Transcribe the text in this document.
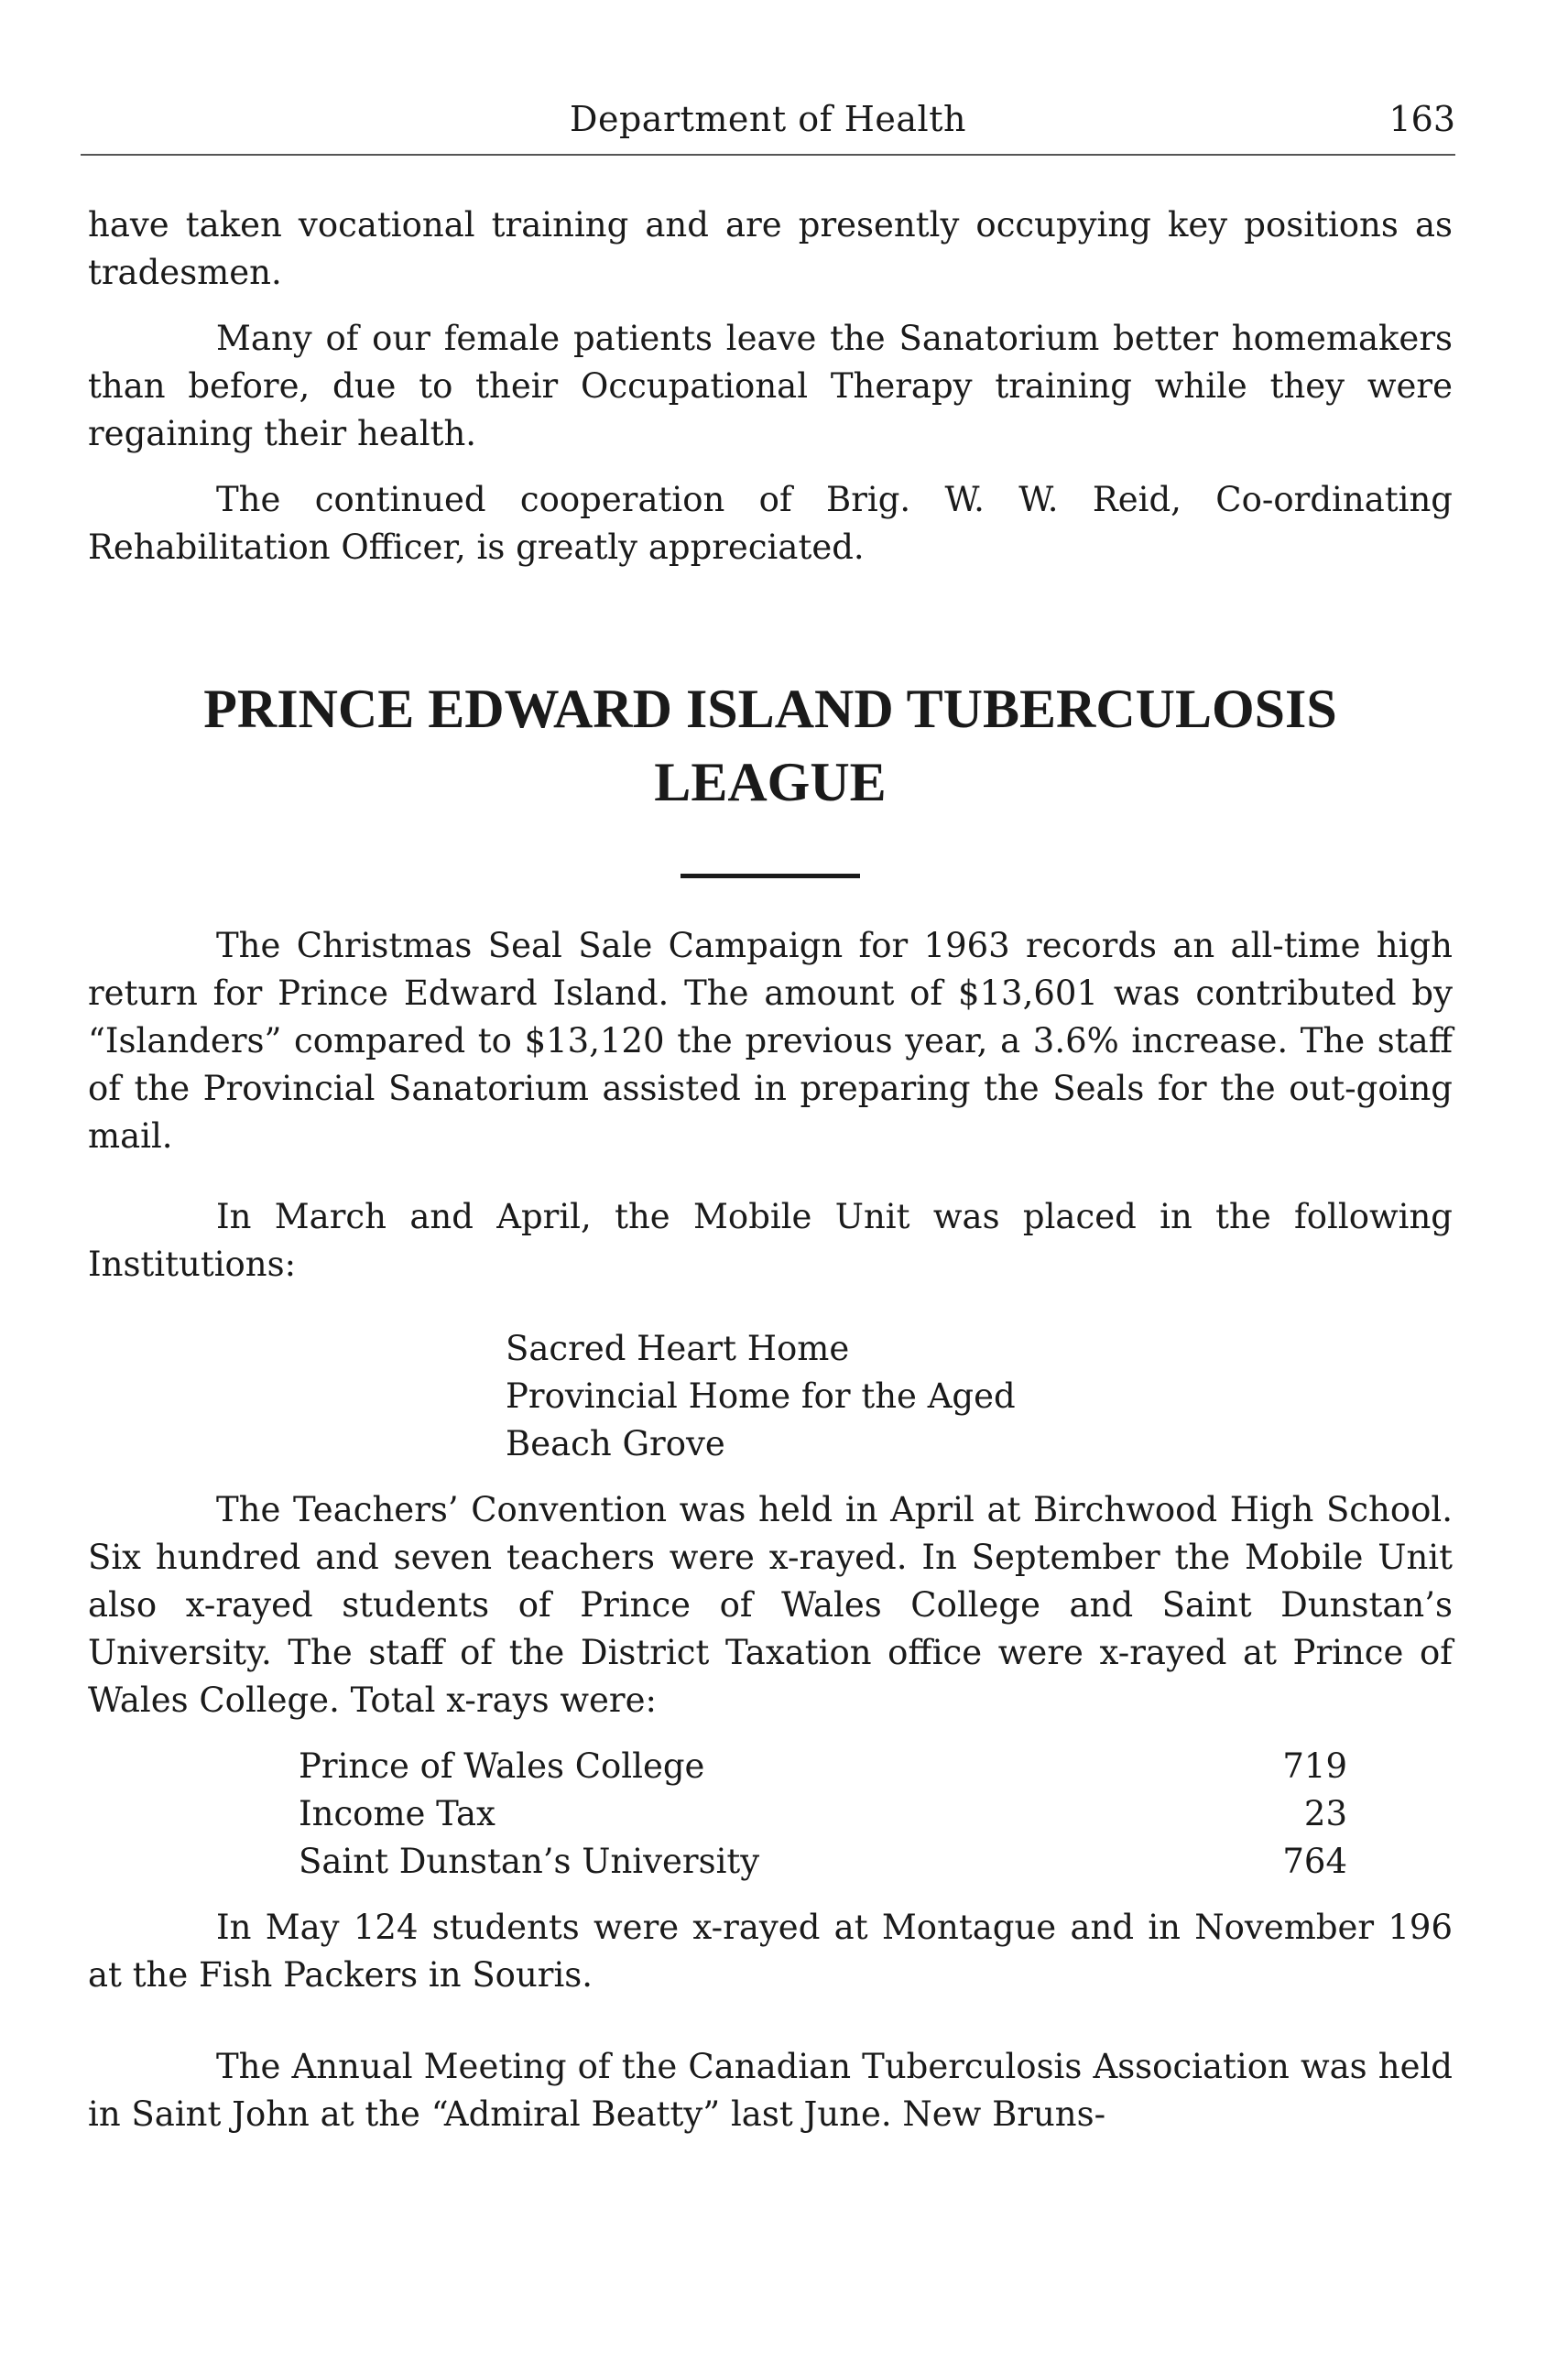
Department of Health	163

have taken vocational training and are presently occupying key positions as tradesmen.

Many of our female patients leave the Sanatorium better homemakers than before, due to their Occupational Therapy training while they were regaining their health.

The continued cooperation of Brig. W. W. Reid, Co-ordinating Rehabilitation Officer, is greatly appreciated.

PRINCE EDWARD ISLAND TUBERCULOSIS
LEAGUE

The Christmas Seal Sale Campaign for 1963 records an all-time high return for Prince Edward Island. The amount of $13,601 was contributed by “Islanders” compared to $13,120 the previous year, a 3.6% increase. The staff of the Provincial Sanatorium assisted in preparing the Seals for the out-going mail.

In March and April, the Mobile Unit was placed in the following Institutions:

Sacred Heart Home
Provincial Home for the Aged
Beach Grove

The Teachers’ Convention was held in April at Birchwood High School. Six hundred and seven teachers were x-rayed. In September the Mobile Unit also x-rayed students of Prince of Wales College and Saint Dunstan’s University. The staff of the District Taxation office were x-rayed at Prince of Wales College. Total x-rays were:

Prince of Wales College	719
Income Tax	23
Saint Dunstan’s University	764

In May 124 students were x-rayed at Montague and in November 196 at the Fish Packers in Souris.

The Annual Meeting of the Canadian Tuberculosis Association was held in Saint John at the “Admiral Beatty” last June. New Bruns-
